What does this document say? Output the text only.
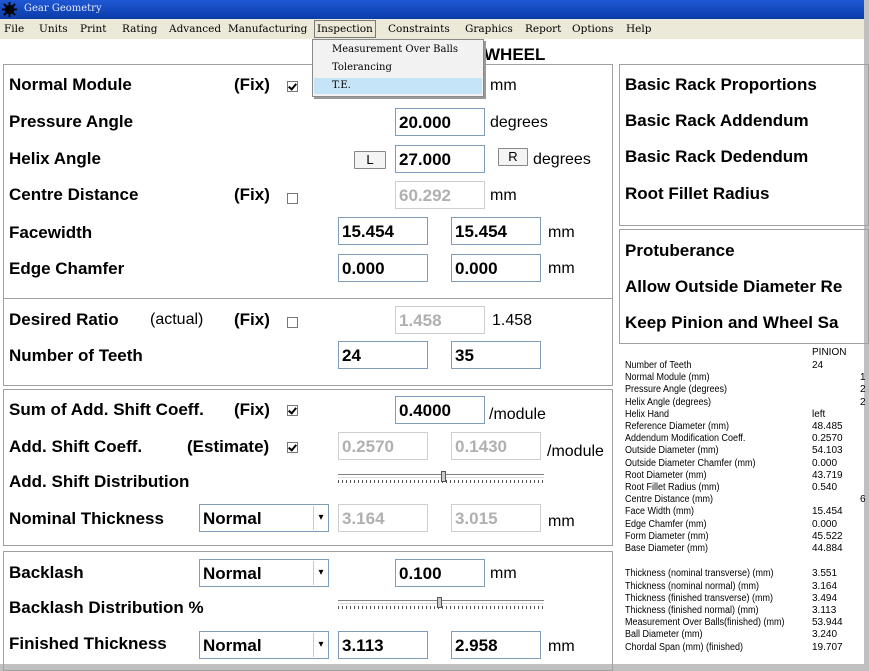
Gear Geometry
File Units Print Rating Advanced Manufacturing Inspection Constraints Graphics Report Options Help
WHEEL
Normal Module	(Fix)	mm
Pressure Angle	20.000	degrees
Helix Angle	L	27.000	R degrees
Centre Distance	(Fix)	60.292	mm
Facewidth	15.454	15.454	mm
Edge Chamfer	0.000	0.000	mm
Desired Ratio (actual) (Fix)	1.458	1.458
Number of Teeth	24	35
Sum of Add. Shift Coeff. (Fix)	0.4000	/module
Add. Shift Coeff.	(Estimate)	0.2570	0.1430	/module
Add. Shift Distribution
Nominal Thickness Normal	▾ 3.164	3.015	mm
Backlash	Normal	▾	0.100	mm
Backlash Distribution %
Finished Thickness Normal	▾ 3.113	2.958	mm
Basic Rack Proportions
Basic Rack Addendum
Basic Rack Dedendum
Root Fillet Radius
Protuberance
Allow Outside Diameter Re
Keep Pinion and Wheel Sa
PINION
Number of Teeth	24
Normal Module (mm)	1
Pressure Angle (degrees)	2
Helix Angle (degrees)	2
Helix Hand	left
Reference Diameter (mm)	48.485
Addendum Modification Coeff.	0.2570
Outside Diameter (mm)	54.103
Outside Diameter Chamfer (mm)	0.000
Root Diameter (mm)	43.719
Root Fillet Radius (mm)	0.540
Centre Distance (mm)	6
Face Width (mm)	15.454
Edge Chamfer (mm)	0.000
Form Diameter (mm)	45.522
Base Diameter (mm)	44.884
Thickness (nominal transverse) (mm)	3.551
Thickness (nominal normal) (mm)	3.164
Thickness (finished transverse) (mm)	3.494
Thickness (finished normal) (mm)	3.113
Measurement Over Balls(finished) (mm)	53.944
Ball Diameter (mm)	3.240
Chordal Span (mm) (finished)	19.707
Measurement Over Balls
Tolerancing
T.E.
